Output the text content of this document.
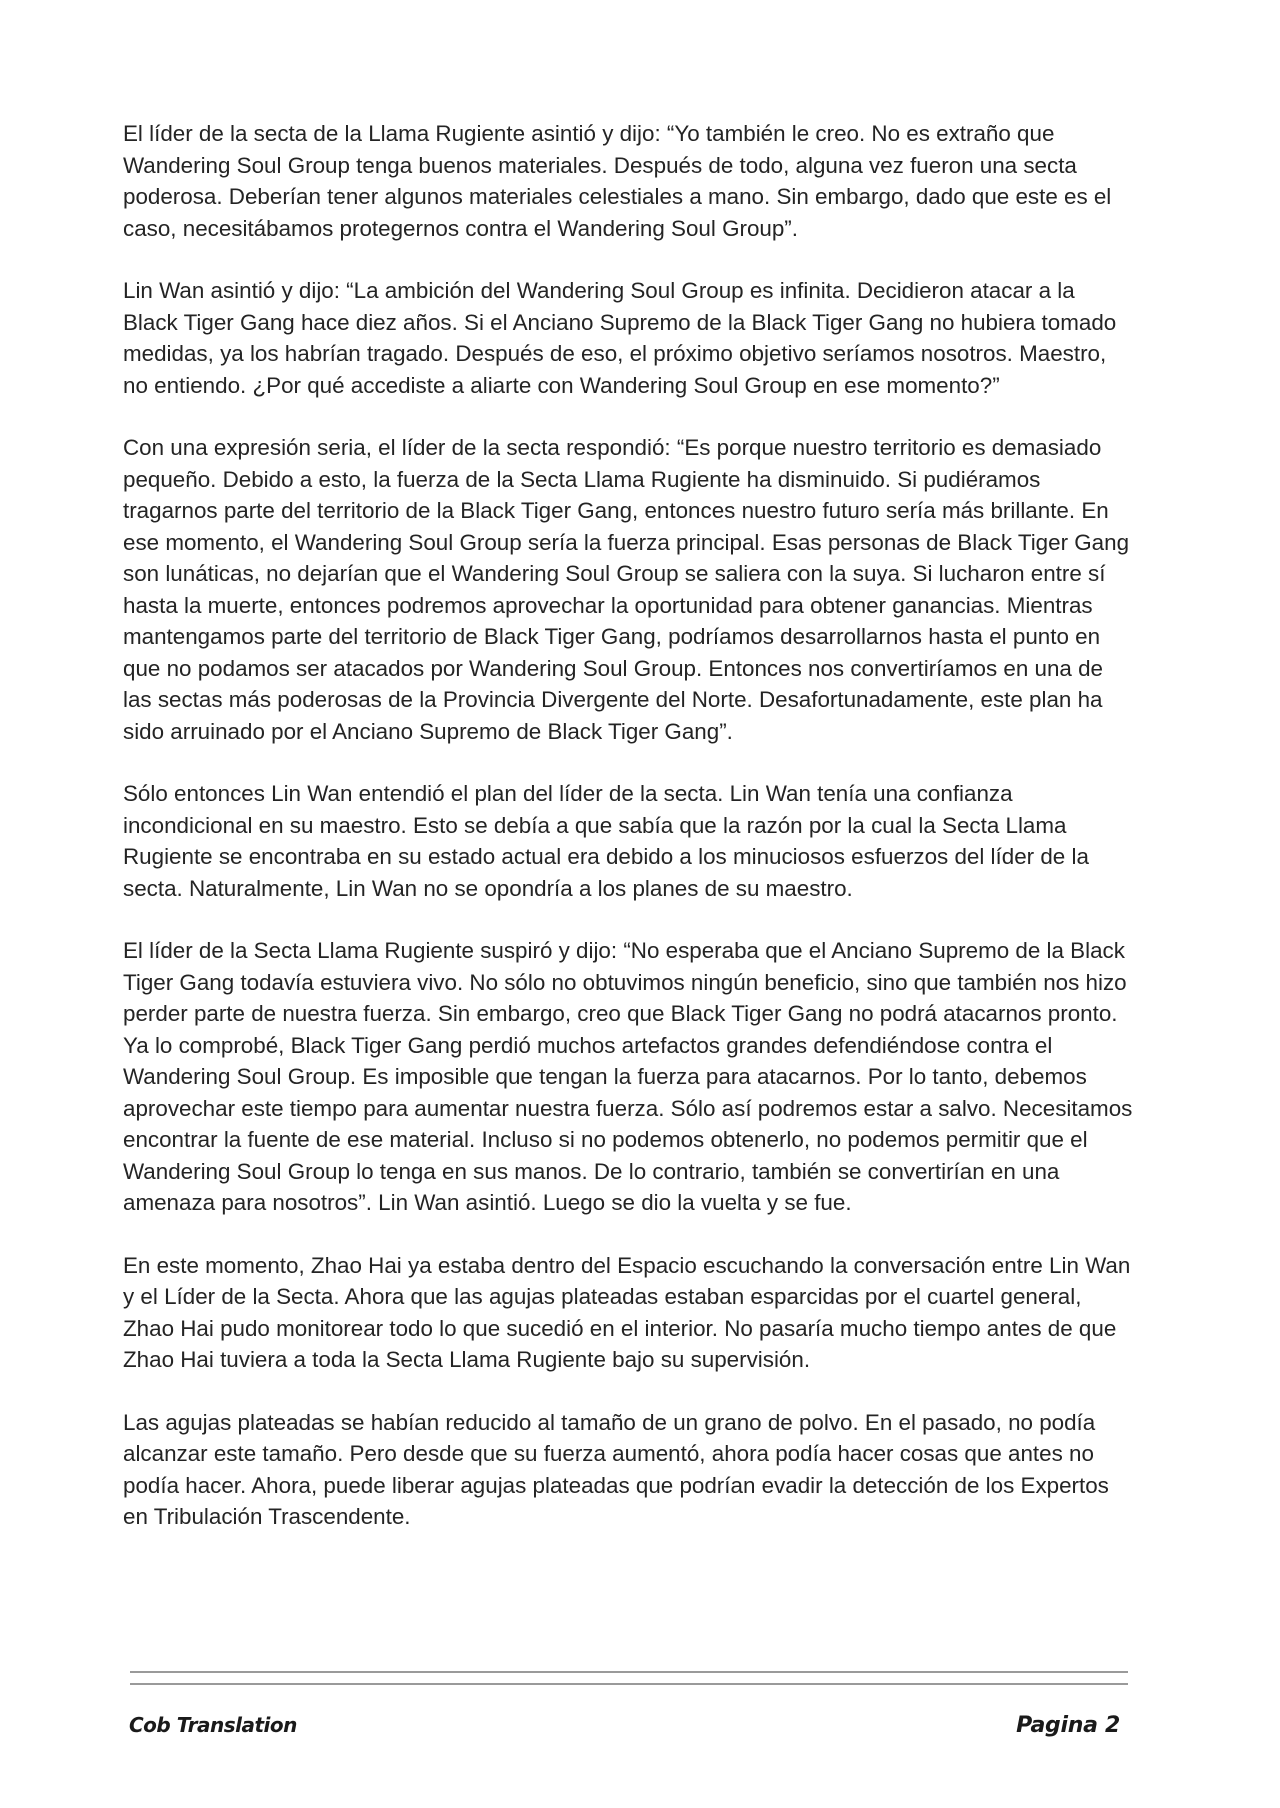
El líder de la secta de la Llama Rugiente asintió y dijo: “Yo también le creo. No es extraño que Wandering Soul Group tenga buenos materiales. Después de todo, alguna vez fueron una secta poderosa. Deberían tener algunos materiales celestiales a mano. Sin embargo, dado que este es el caso, necesitábamos protegernos contra el Wandering Soul Group”.

Lin Wan asintió y dijo: “La ambición del Wandering Soul Group es infinita. Decidieron atacar a la Black Tiger Gang hace diez años. Si el Anciano Supremo de la Black Tiger Gang no hubiera tomado medidas, ya los habrían tragado. Después de eso, el próximo objetivo seríamos nosotros. Maestro, no entiendo. ¿Por qué accediste a aliarte con Wandering Soul Group en ese momento?”

Con una expresión seria, el líder de la secta respondió: “Es porque nuestro territorio es demasiado pequeño. Debido a esto, la fuerza de la Secta Llama Rugiente ha disminuido. Si pudiéramos tragarnos parte del territorio de la Black Tiger Gang, entonces nuestro futuro sería más brillante. En ese momento, el Wandering Soul Group sería la fuerza principal. Esas personas de Black Tiger Gang son lunáticas, no dejarían que el Wandering Soul Group se saliera con la suya. Si lucharon entre sí hasta la muerte, entonces podremos aprovechar la oportunidad para obtener ganancias. Mientras mantengamos parte del territorio de Black Tiger Gang, podríamos desarrollarnos hasta el punto en que no podamos ser atacados por Wandering Soul Group. Entonces nos convertiríamos en una de las sectas más poderosas de la Provincia Divergente del Norte. Desafortunadamente, este plan ha sido arruinado por el Anciano Supremo de Black Tiger Gang”.

Sólo entonces Lin Wan entendió el plan del líder de la secta. Lin Wan tenía una confianza incondicional en su maestro. Esto se debía a que sabía que la razón por la cual la Secta Llama Rugiente se encontraba en su estado actual era debido a los minuciosos esfuerzos del líder de la secta. Naturalmente, Lin Wan no se opondría a los planes de su maestro.

El líder de la Secta Llama Rugiente suspiró y dijo: “No esperaba que el Anciano Supremo de la Black Tiger Gang todavía estuviera vivo. No sólo no obtuvimos ningún beneficio, sino que también nos hizo perder parte de nuestra fuerza. Sin embargo, creo que Black Tiger Gang no podrá atacarnos pronto. Ya lo comprobé, Black Tiger Gang perdió muchos artefactos grandes defendiéndose contra el Wandering Soul Group. Es imposible que tengan la fuerza para atacarnos. Por lo tanto, debemos aprovechar este tiempo para aumentar nuestra fuerza. Sólo así podremos estar a salvo. Necesitamos encontrar la fuente de ese material. Incluso si no podemos obtenerlo, no podemos permitir que el Wandering Soul Group lo tenga en sus manos. De lo contrario, también se convertirían en una amenaza para nosotros”. Lin Wan asintió. Luego se dio la vuelta y se fue.

En este momento, Zhao Hai ya estaba dentro del Espacio escuchando la conversación entre Lin Wan y el Líder de la Secta. Ahora que las agujas plateadas estaban esparcidas por el cuartel general, Zhao Hai pudo monitorear todo lo que sucedió en el interior. No pasaría mucho tiempo antes de que Zhao Hai tuviera a toda la Secta Llama Rugiente bajo su supervisión.

Las agujas plateadas se habían reducido al tamaño de un grano de polvo. En el pasado, no podía alcanzar este tamaño. Pero desde que su fuerza aumentó, ahora podía hacer cosas que antes no podía hacer. Ahora, puede liberar agujas plateadas que podrían evadir la detección de los Expertos en Tribulación Trascendente.

Cob Translation	Pagina 2
